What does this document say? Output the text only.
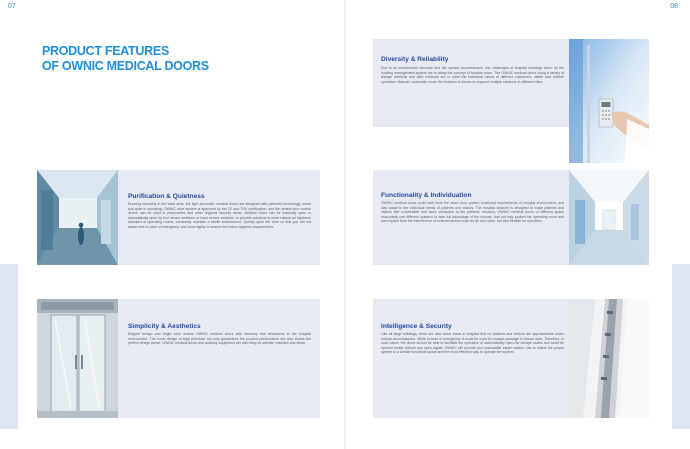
07	08
PRODUCT FEATURES
OF OWNIC MEDICAL DOORS	Diversity & Reliability

Due to its architectural structure and the special circumstances, the challenges of hospital buildings faced by the building management system are to adapt the concept of function room. The OWNIC medical doors using a variety of linkage methods and start methods are to meet the individual needs of different customers, stable and reliable operation. Manual / automatic mode the freedom of choice to respond multiple solutions in different sites.

Purification & Quietness

Running smoothly in the ward area, the light automatic medical doors are designed with patented technology, smart and quite in operating. OWNIC drive system is approved by the CE and TÜV certification, and the central door control device can be used in pharmacies and other regional security areas. Medical doors can be manually open or automatically open by foot sensor switches or hand sensor switches, to provide solutions to meet natural air tightness standard of operating rooms, constantly maintain a sterile environment. Quickly open the door so that you will not waste time in case of emergency, and close tightly to ensure the indoor hygienic requirements.

Functionality & Individuation

OWNIC medical doors could well meet the clean door system functional requirements of hospital environment, and also adapt to the individual needs of patients and visitors. The hospital channel is designed to make patients and visitors feel comfortable and more conducive to the patients' recovery. OWNIC medical doors of different space reasonably use different systems to take full advantage of the volume, that not only protect the operating room and ward space from the interference of external factors such as air and noise, but also flexible for operation.

Simplicity & Aesthetics

Elegant design and bright color endow OWNIC medical doors with harmony and wholeness to the hospital environment. The novel design of high precision not only guarantees the product performance but also shows the perfect design sense. OWNIC medical doors and ancillary equipment are also easy to operate, maintain and clean.

Intelligence & Security

Like all large buildings, there are also some areas in hospital that no patients and visitors are approachable under normal circumstances. While in case of emergency, it could be used for escape passage to rescue lives. Therefore, in such cases, the doors should be able to facilitate the operation or automatically open the escape routes and could be opened timely without any open signal. OWNIC will provide you reasonable expert advice, like to select the proper system to a certain functional space and the most effective way to operate the system.
